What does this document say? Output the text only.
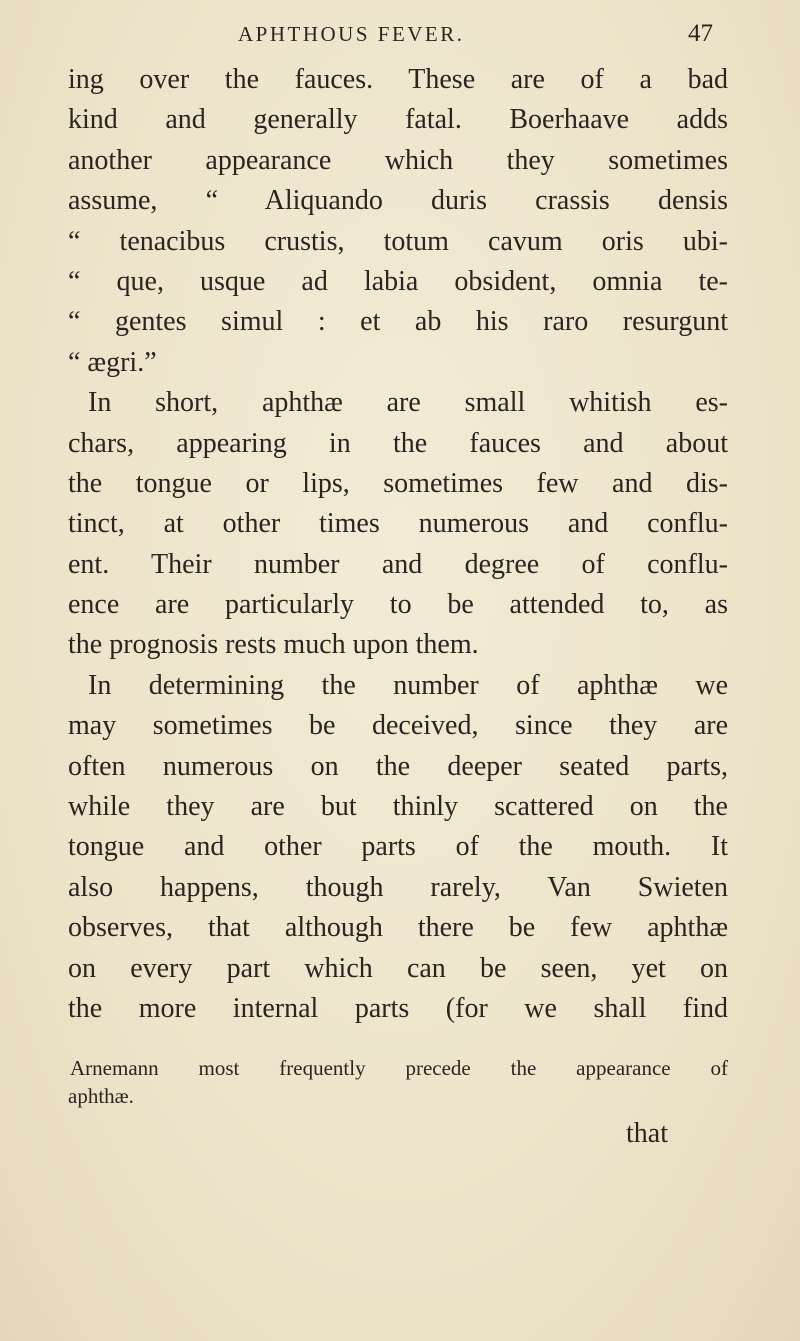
APHTHOUS FEVER.	47
ing over the fauces. These are of a bad
kind and generally fatal. Boerhaave adds
another appearance which they sometimes
assume, “ Aliquando duris crassis densis
“ tenacibus crustis, totum cavum oris ubi-
“ que, usque ad labia obsident, omnia te-
“ gentes simul : et ab his raro resurgunt
“ ægri.”
In short, aphthæ are small whitish es-
chars, appearing in the fauces and about
the tongue or lips, sometimes few and dis-
tinct, at other times numerous and conflu-
ent. Their number and degree of conflu-
ence are particularly to be attended to, as
the prognosis rests much upon them.
In determining the number of aphthæ we
may sometimes be deceived, since they are
often numerous on the deeper seated parts,
while they are but thinly scattered on the
tongue and other parts of the mouth. It
also happens, though rarely, Van Swieten
observes, that although there be few aphthæ
on every part which can be seen, yet on
the more internal parts (for we shall find
Arnemann most frequently precede the appearance of
aphthæ.
that
